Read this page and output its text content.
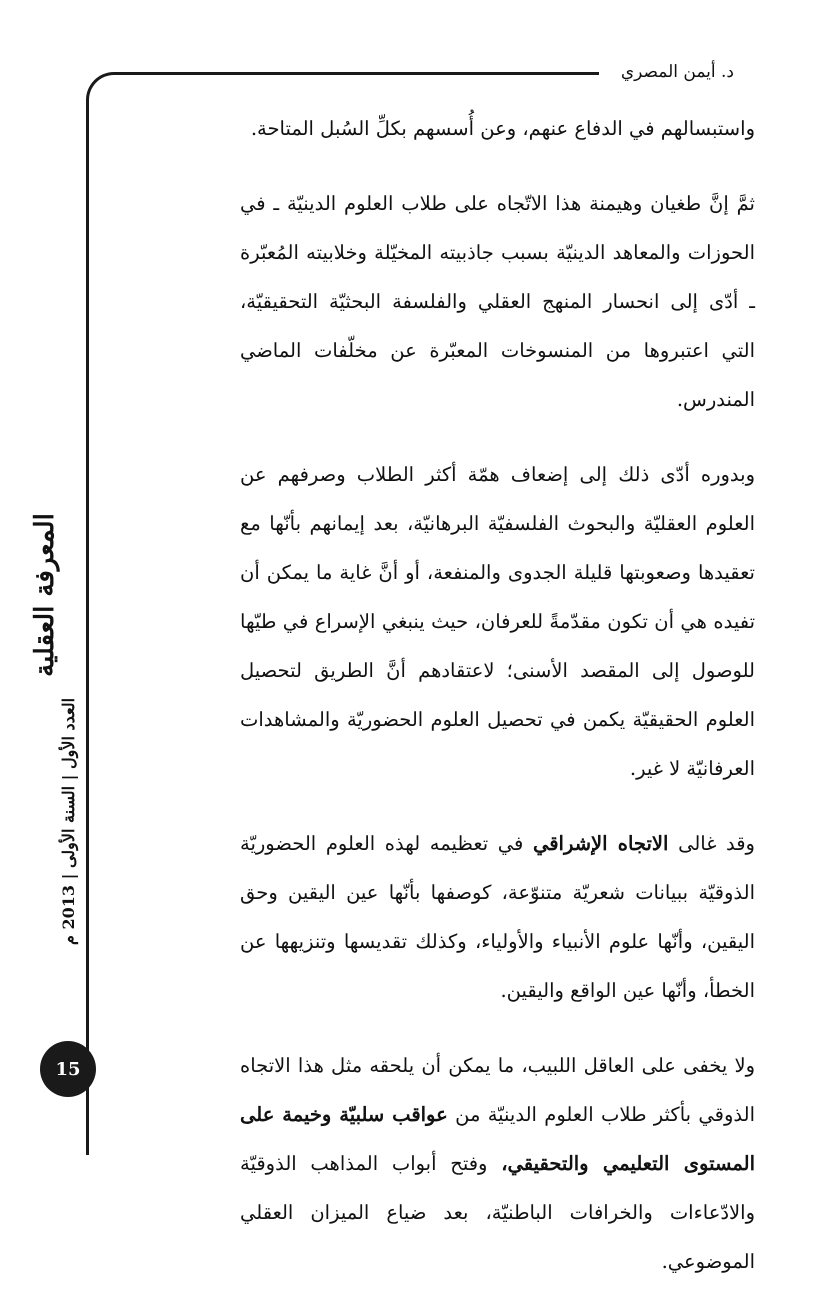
د. أيمن المصري
المعرفة العقلية
العدد الأول | السنة الأولى | 2013 م
15

واستبسالهم في الدفاع عنهم، وعن أُسسهم بكلِّ السُبل المتاحة.

ثمَّ إنَّ طغيان وهيمنة هذا الاتّجاه على طلاب العلوم الدينيّة ـ في الحوزات والمعاهد الدينيّة بسبب جاذبيته المخيّلة وخلابيته المُعبّرة ـ أدّى إلى انحسار المنهج العقلي والفلسفة البحثيّة التحقيقيّة، التي اعتبروها من المنسوخات المعبّرة عن مخلّفات الماضي المندرس.

وبدوره أدّى ذلك إلى إضعاف همّة أكثر الطلاب وصرفهم عن العلوم العقليّة والبحوث الفلسفيّة البرهانيّة، بعد إيمانهم بأنّها مع تعقيدها وصعوبتها قليلة الجدوى والمنفعة، أو أنَّ غاية ما يمكن أن تفيده هي أن تكون مقدّمةً للعرفان، حيث ينبغي الإسراع في طيّها للوصول إلى المقصد الأسنى؛ لاعتقادهم أنَّ الطريق لتحصيل العلوم الحقيقيّة يكمن في تحصيل العلوم الحضوريّة والمشاهدات العرفانيّة لا غير.

وقد غالى الاتجاه الإشراقي في تعظيمه لهذه العلوم الحضوريّة الذوقيّة ببيانات شعريّة متنوّعة، كوصفها بأنّها عين اليقين وحق اليقين، وأنّها علوم الأنبياء والأولياء، وكذلك تقديسها وتنزيهها عن الخطأ، وأنّها عين الواقع واليقين.

ولا يخفى على العاقل اللبيب، ما يمكن أن يلحقه مثل هذا الاتجاه الذوقي بأكثر طلاب العلوم الدينيّة من عواقب سلبيّة وخيمة على المستوى التعليمي والتحقيقي، وفتح أبواب المذاهب الذوقيّة والادّعاءات والخرافات الباطنيّة، بعد ضياع الميزان العقلي الموضوعي.
